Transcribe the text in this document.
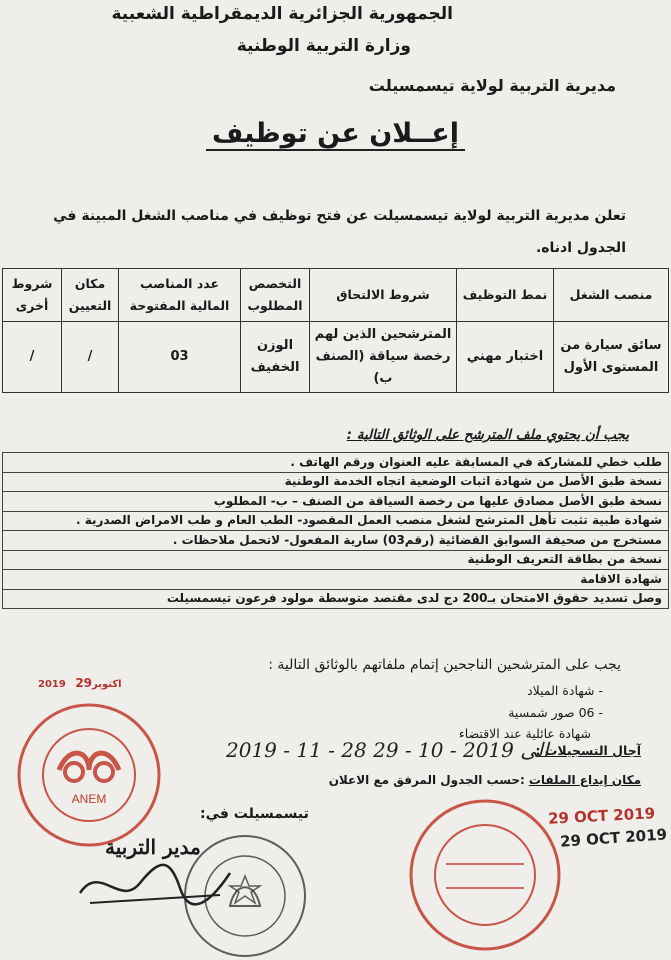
الجمهورية الجزائرية الديمقراطية الشعبية
وزارة التربية الوطنية
مديرية التربية لولاية تيسمسيلت
إعــلان عن توظيف
تعلن مديرية التربية لولاية تيسمسيلت عن فتح توظيف في مناصب الشغل المبينة في الجدول ادناه.
منصب الشغل	نمط التوظيف	شروط الالتحاق	التخصص المطلوب	عدد المناصب المالية المفتوحة	مكان التعيين	شروط أخرى
سائق سيارة من المستوى الأول	اختبار مهني	المترشحين الذين لهم رخصة سياقة (الصنف ب)	الوزن الخفيف	03	/	/
يجب أن يحتوي ملف المترشح على الوثائق التالية :
طلب خطي للمشاركة في المسابقة عليه العنوان ورقم الهاتف .
نسخة طبق الأصل من شهادة اثبات الوضعية اتجاه الخدمة الوطنية
نسخة طبق الأصل مصادق عليها من رخصة السياقة من الصنف – ب- المطلوب
شهادة طبية تثبت تأهل المترشح لشغل منصب العمل المقصود- الطب العام و طب الامراض الصدرية .
مستخرج من صحيفة السوابق القضائية (رقم03) سارية المفعول- لاتحمل ملاحظات .
نسخة من بطاقة التعريف الوطنية
شهادة الاقامة
وصل تسديد حقوق الامتحان بـ200 دج لدى مقتصد متوسطة مولود فرعون تيسمسيلت
يجب على المترشحين الناجحين إتمام ملفاتهم بالوثائق التالية :
- شهادة الميلاد
- 06 صور شمسية
شهادة عائلية عند الاقتضاء
آجال التسجيلات :
2019 - 11 - 28 الى 2019 - 10 - 29
مكان إيداع الملفات:حسب الجدول المرفق مع الاعلان
تيسمسيلت في:
مدير التربية
2019	اكتوبر29
29 OCT 2019
29 OCT 2019
ANEM
